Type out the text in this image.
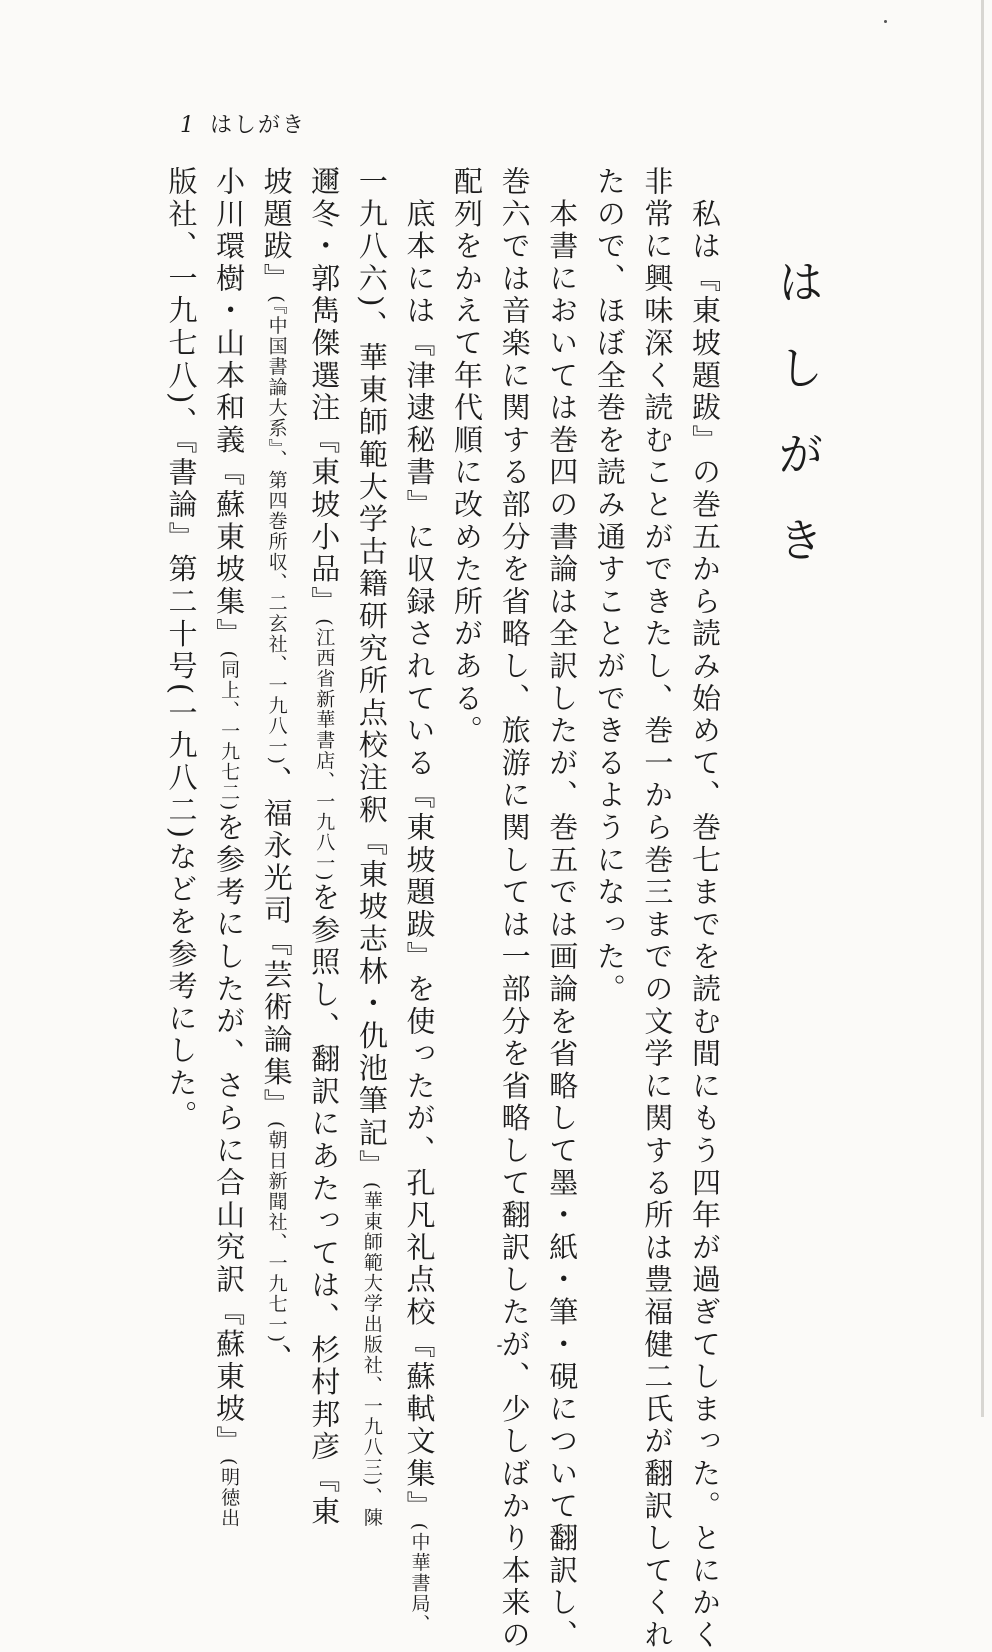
1 はしがき
はしがき
　私は『東坡題跋』の巻五から読み始めて、巻七までを読む間にもう四年が過ぎてしまった。とにかく
非常に興味深く読むことができたし、巻一から巻三までの文学に関する所は豊福健二氏が翻訳してくれ
たので、ほぼ全巻を読み通すことができるようになった。
　本書においては巻四の書論は全訳したが、巻五では画論を省略して墨・紙・筆・硯について翻訳し、
巻六では音楽に関する部分を省略し、旅游に関しては一部分を省略して翻訳したが、少しばかり本来の
配列をかえて年代順に改めた所がある。
　底本には『津逮秘書』に収録されている『東坡題跋』を使ったが、孔凡礼点校『蘇軾文集』(中華書局、
一九八六)、華東師範大学古籍研究所点校注釈『東坡志林・仇池筆記』(華東師範大学出版社、一九八三)、陳
邇冬・郭雋傑選注『東坡小品』(江西省新華書店、一九八一)を参照し、翻訳にあたっては、杉村邦彦『東
坡題跋』(『中国書論大系』、第四巻所収、二玄社、一九八一)、福永光司『芸術論集』(朝日新聞社、一九七一)、
小川環樹・山本和義『蘇東坡集』(同上、一九七二)を参考にしたが、さらに合山究訳『蘇東坡』(明徳出
版社、一九七八)、『書論』第二十号(一九八二)などを参考にした。
